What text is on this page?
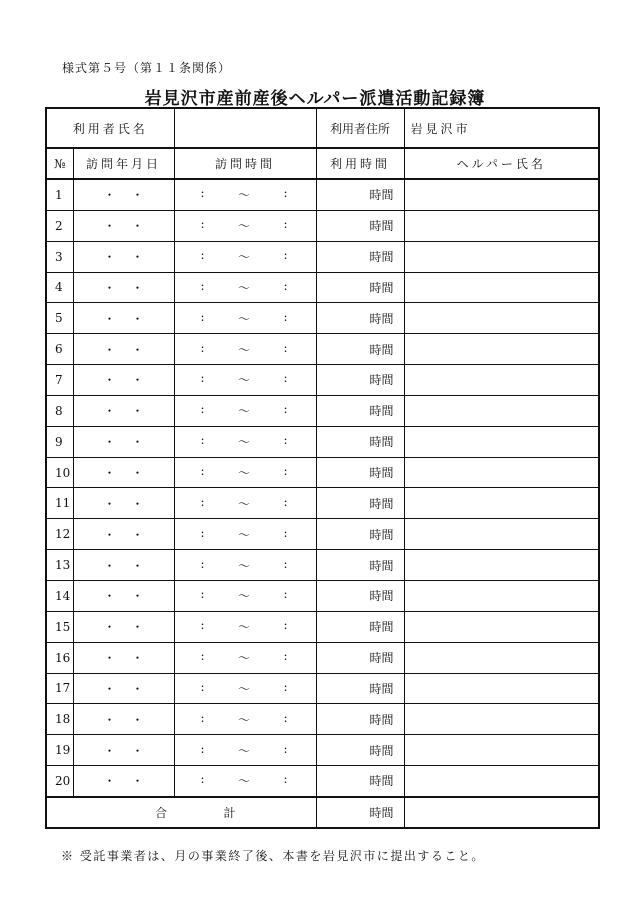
様式第５号（第１１条関係）
岩見沢市産前産後ヘルパー派遣活動記録簿
利用者氏名			利用者住所	岩見沢市
№	訪問年月日	訪問時間	利用時間	ヘルパー氏名
1	・ ・	: 〜 :	時間	
2	・ ・	: 〜 :	時間	
3	・ ・	: 〜 :	時間	
4	・ ・	: 〜 :	時間	
5	・ ・	: 〜 :	時間	
6	・ ・	: 〜 :	時間	
7	・ ・	: 〜 :	時間	
8	・ ・	: 〜 :	時間	
9	・ ・	: 〜 :	時間	
10	・ ・	: 〜 :	時間	
11	・ ・	: 〜 :	時間	
12	・ ・	: 〜 :	時間	
13	・ ・	: 〜 :	時間	
14	・ ・	: 〜 :	時間	
15	・ ・	: 〜 :	時間	
16	・ ・	: 〜 :	時間	
17	・ ・	: 〜 :	時間	
18	・ ・	: 〜 :	時間	
19	・ ・	: 〜 :	時間	
20	・ ・	: 〜 :	時間	

合 計			時間	
※ 受託事業者は、月の事業終了後、本書を岩見沢市に提出すること。
